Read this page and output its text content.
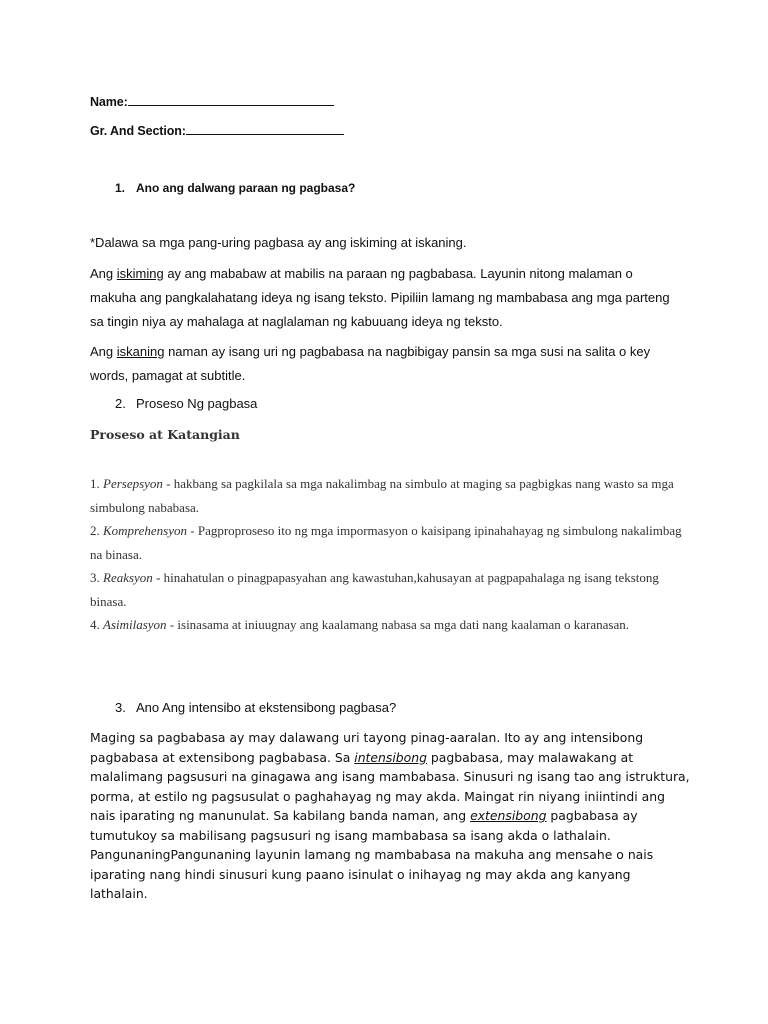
Name:
Gr. And Section:
1. Ano ang dalwang paraan ng pagbasa?
*Dalawa sa mga pang-uring pagbasa ay ang iskiming at iskaning.
Ang iskiming ay ang mababaw at mabilis na paraan ng pagbabasa. Layunin nitong malaman o makuha ang pangkalahatang ideya ng isang teksto. Pipiliin lamang ng mambabasa ang mga parteng sa tingin niya ay mahalaga at naglalaman ng kabuuang ideya ng teksto.
Ang iskaning naman ay isang uri ng pagbabasa na nagbibigay pansin sa mga susi na salita o key words, pamagat at subtitle.
2. Proseso Ng pagbasa
Proseso at Katangian
1. Persepsyon - hakbang sa pagkilala sa mga nakalimbag na simbulo at maging sa pagbigkas nang wasto sa mga simbulong nababasa.
2. Komprehensyon - Pagproproseso ito ng mga impormasyon o kaisipang ipinahahayag ng simbulong nakalimbag na binasa.
3. Reaksyon - hinahatulan o pinagpapasyahan ang kawastuhan,kahusayan at pagpapahalaga ng isang tekstong binasa.
4. Asimilasyon - isinasama at iniuugnay ang kaalamang nabasa sa mga dati nang kaalaman o karanasan.
3. Ano Ang intensibo at ekstensibong pagbasa?
Maging sa pagbabasa ay may dalawang uri tayong pinag-aaralan. Ito ay ang intensibong pagbabasa at extensibong pagbabasa. Sa intensibong pagbabasa, may malawakang at malalimang pagsusuri na ginagawa ang isang mambabasa. Sinusuri ng isang tao ang istruktura, porma, at estilo ng pagsusulat o paghahayag ng may akda. Maingat rin niyang iniintindi ang nais iparating ng manunulat. Sa kabilang banda naman, ang extensibong pagbabasa ay tumutukoy sa mabilisang pagsusuri ng isang mambabasa sa isang akda o lathalain. PangunaningPangunaning layunin lamang ng mambabasa na makuha ang mensahe o nais iparating nang hindi sinusuri kung paano isinulat o inihayag ng may akda ang kanyang lathalain.
